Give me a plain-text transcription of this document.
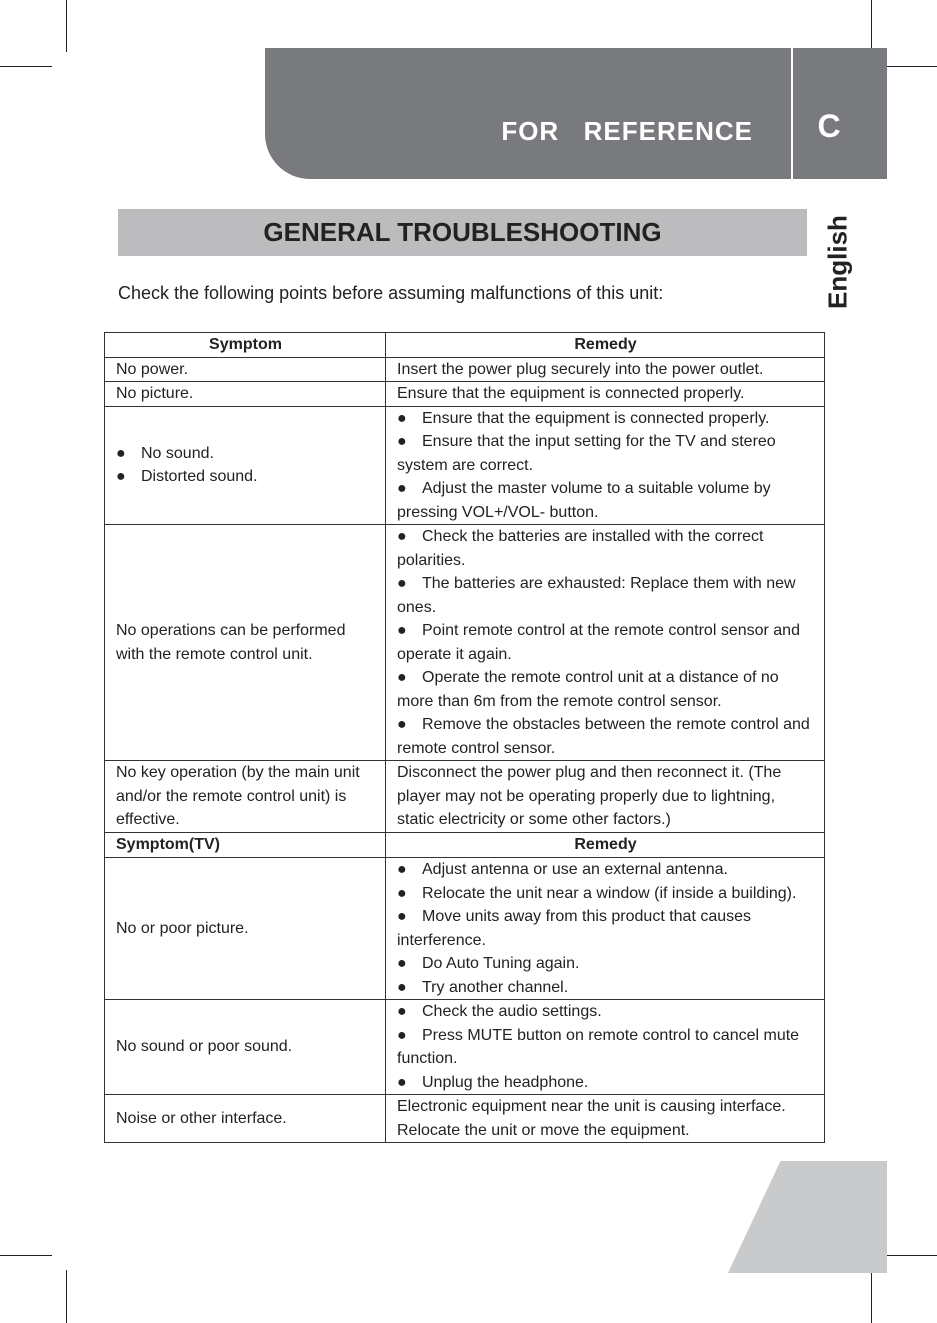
FOR  REFERENCE	C
English
GENERAL TROUBLESHOOTING
Check the following points before assuming malfunctions of this unit:
Symptom	Remedy

No power.	Insert the power plug securely into the power outlet.

No picture.	Ensure that the equipment is connected properly.

● No sound.
● Distorted sound.	● Ensure that the equipment is connected properly.
● Ensure that the input setting for the TV and stereo system are correct.
● Adjust the master volume to a suitable volume by pressing VOL+/VOL- button.

No operations can be performed with the remote control unit.	● Check the batteries are installed with the correct polarities.
● The batteries are exhausted: Replace them with new ones.
● Point remote control at the remote control sensor and operate it again.
● Operate the remote control unit at a distance of no more than 6m from the remote control sensor.
● Remove the obstacles between the remote control and remote control sensor.

No key operation (by the main unit and/or the remote control unit) is effective.	Disconnect the power plug and then reconnect it. (The player may not be operating properly due to lightning, static electricity or some other factors.)

Symptom(TV)	Remedy

No or poor picture.	● Adjust antenna or use an external antenna.
● Relocate the unit near a window (if inside a building).
● Move units away from this product that causes interference.
● Do Auto Tuning again.
● Try another channel.

No sound or poor sound.	● Check the audio settings.
● Press MUTE button on remote control to cancel mute function.
● Unplug the headphone.

Noise or other interface.	Electronic equipment near the unit is causing interface.
Relocate the unit or move the equipment.
